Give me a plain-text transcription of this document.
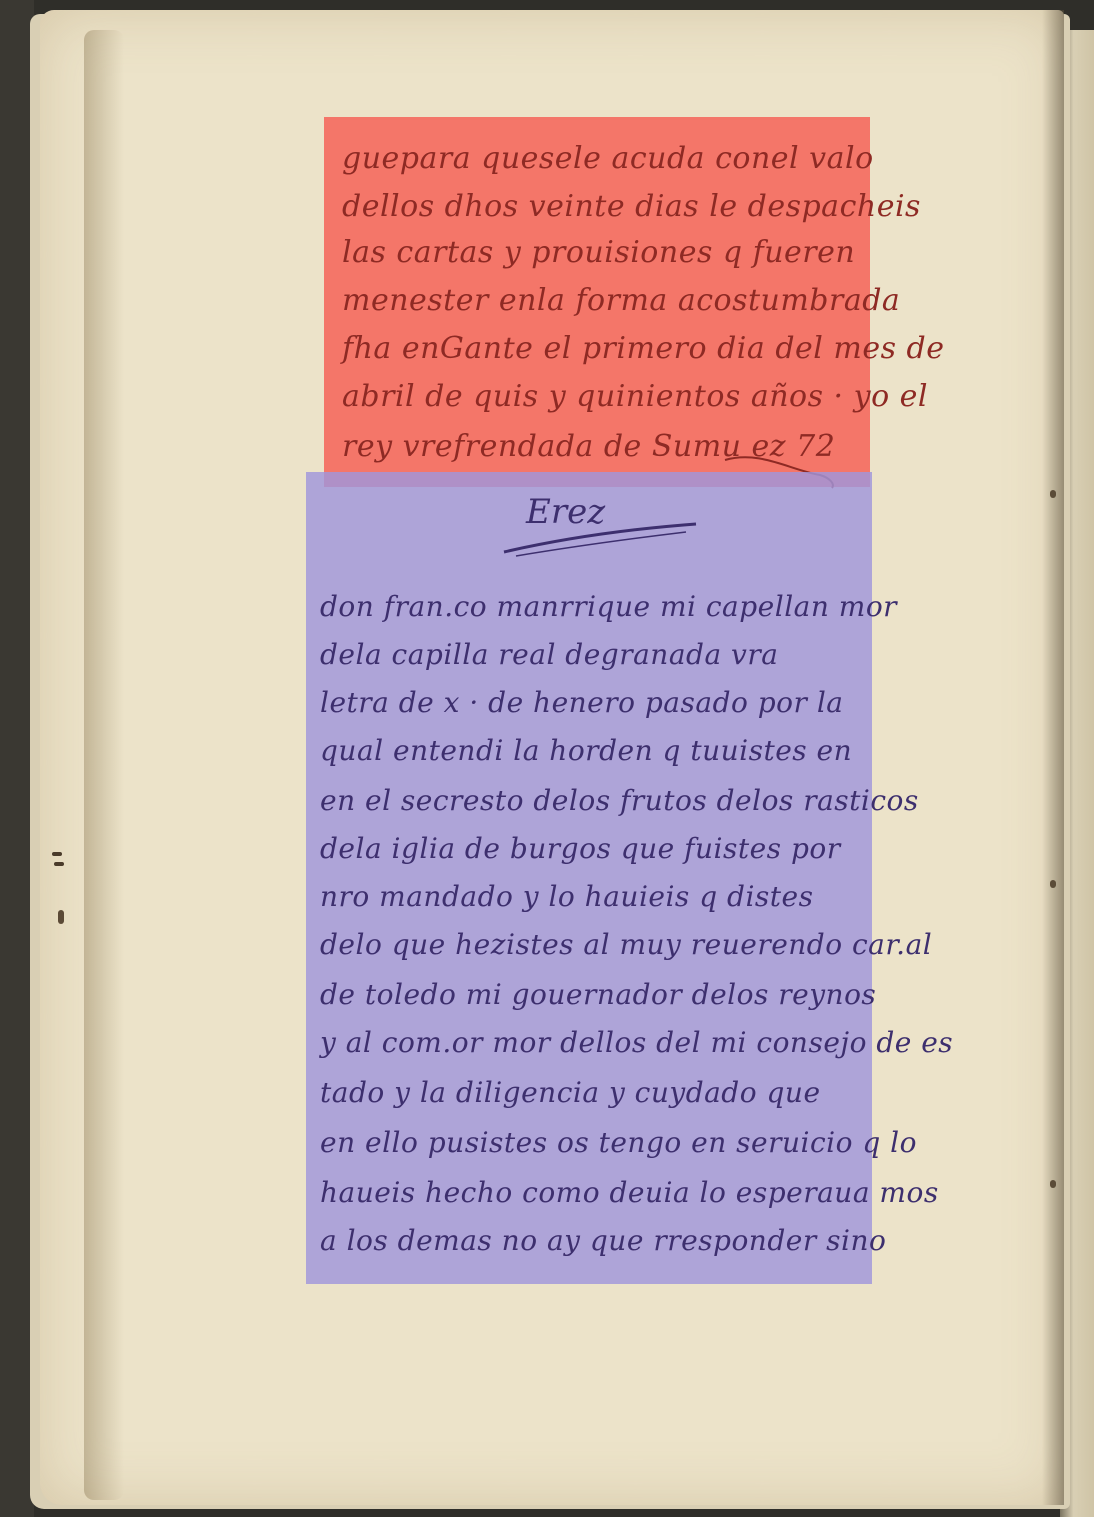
guepara quesele acuda conel valo
dellos dhos veinte dias le despacheis
las cartas y prouisiones q fueren
menester enla forma acostumbrada
fha enGante el primero dia del mes de
abril de quis y quinientos años · yo el
rey vrefrendada de Sumu ez 72
Erez
don fran.co manrrique mi capellan mor
dela capilla real degranada vra
letra de x · de henero pasado por la
qual entendi la horden q tuuistes en
en el secresto delos frutos delos rasticos
dela iglia de burgos que fuistes por
nro mandado y lo hauieis q distes
delo que hezistes al muy reuerendo car.al
de toledo mi gouernador delos reynos
y al com.or mor dellos del mi consejo de es
tado y la diligencia y cuydado que
en ello pusistes os tengo en seruicio q lo
haueis hecho como deuia lo esperaua mos
a los demas no ay que rresponder sino
